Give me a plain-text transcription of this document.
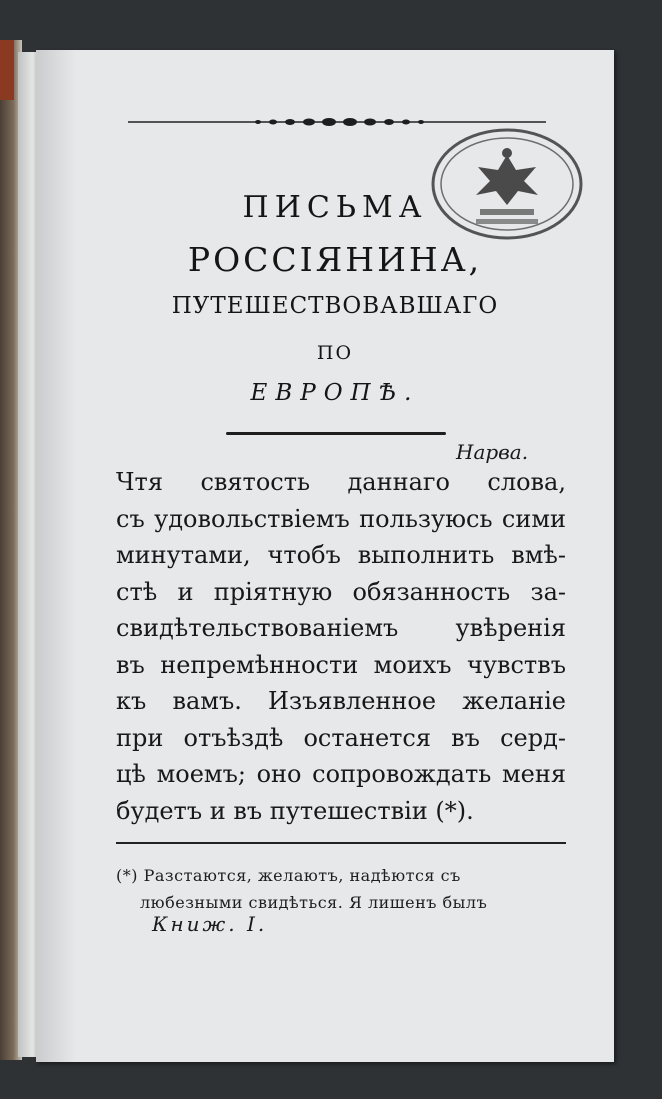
ПИСЬМА
РОССІЯНИНА,
ПУТЕШЕСТВОВАВШАГО
ПО
ЕВРОПѢ.
Нарва.
Чтя святость даннаго слова,
съ удовольствіемъ пользуюсь сими
минутами, чтобъ выполнить вмѣ-
стѣ и пріятную обязанность за-
свидѣтельствованіемъ увѣренія
въ непремѣнности моихъ чувствъ
къ вамъ. Изъявленное желаніе
при отъѣздѣ останется въ серд-
цѣ моемъ; оно сопровождать меня
будетъ и въ путешествіи (*).
(*) Разстаются, желаютъ, надѣются съ
любезными свидѣться. Я лишенъ былъ
Книж. I.
